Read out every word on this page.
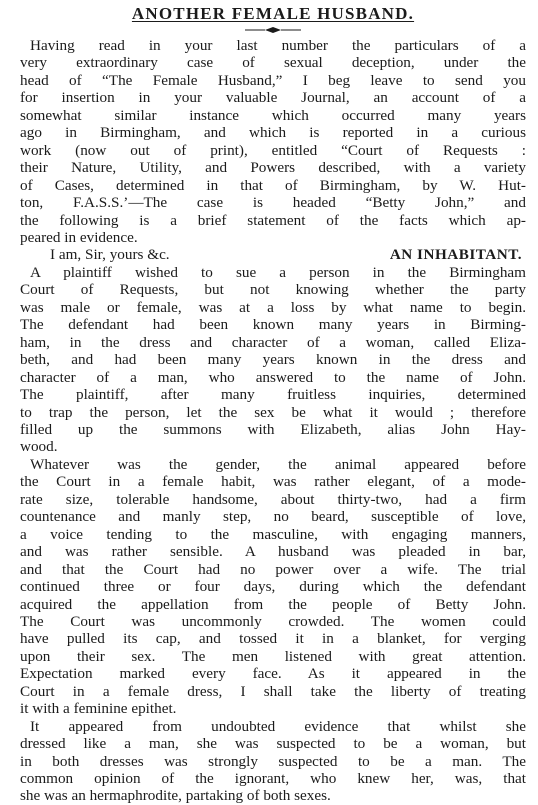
ANOTHER FEMALE HUSBAND.
Having read in your last number the particulars of a
very extraordinary case of sexual deception, under the
head of “The Female Husband,” I beg leave to send you
for insertion in your valuable Journal, an account of a
somewhat similar instance which occurred many years
ago in Birmingham, and which is reported in a curious
work (now out of print), entitled “Court of Requests :
their Nature, Utility, and Powers described, with a variety
of Cases, determined in that of Birmingham, by W. Hut-
ton, F.A.S.S.’—The case is headed “Betty John,” and
the following is a brief statement of the facts which ap-
peared in evidence.
I am, Sir, yours &c.	AN INHABITANT.
A plaintiff wished to sue a person in the Birmingham
Court of Requests, but not knowing whether the party
was male or female, was at a loss by what name to begin.
The defendant had been known many years in Birming-
ham, in the dress and character of a woman, called Eliza-
beth, and had been many years known in the dress and
character of a man, who answered to the name of John.
The plaintiff, after many fruitless inquiries, determined
to trap the person, let the sex be what it would ; therefore
filled up the summons with Elizabeth, alias John Hay-
wood.
Whatever was the gender, the animal appeared before
the Court in a female habit, was rather elegant, of a mode-
rate size, tolerable handsome, about thirty-two, had a firm
countenance and manly step, no beard, susceptible of love,
a voice tending to the masculine, with engaging manners,
and was rather sensible. A husband was pleaded in bar,
and that the Court had no power over a wife. The trial
continued three or four days, during which the defendant
acquired the appellation from the people of Betty John.
The Court was uncommonly crowded. The women could
have pulled its cap, and tossed it in a blanket, for verging
upon their sex. The men listened with great attention.
Expectation marked every face. As it appeared in the
Court in a female dress, I shall take the liberty of treating
it with a feminine epithet.
It appeared from undoubted evidence that whilst she
dressed like a man, she was suspected to be a woman, but
in both dresses was strongly suspected to be a man. The
common opinion of the ignorant, who knew her, was, that
she was an hermaphrodite, partaking of both sexes.
